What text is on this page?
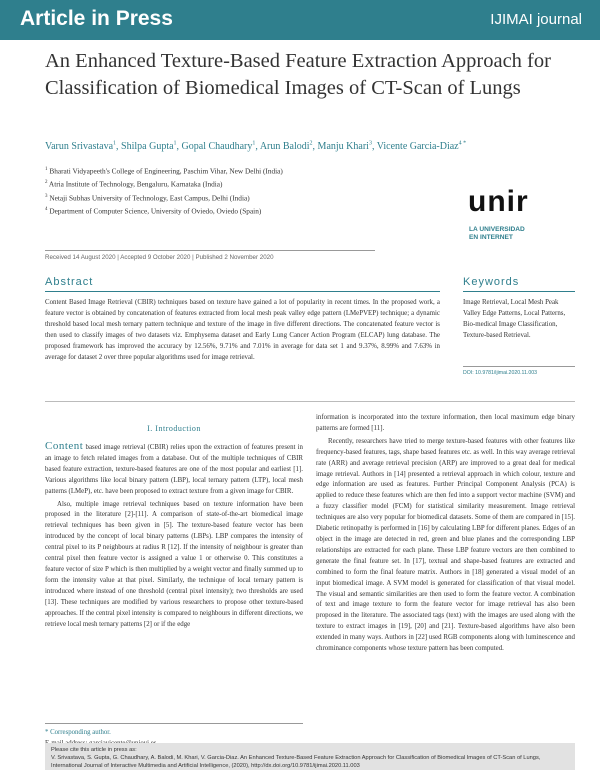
Article in Press	IJIMAI journal
An Enhanced Texture-Based Feature Extraction Approach for Classification of Biomedical Images of CT-Scan of Lungs
Varun Srivastava$^1$, Shilpa Gupta$^1$, Gopal Chaudhary$^1$, Arun Balodi$^2$, Manju Khari$^3$, Vicente Garcia-Diaz$^{4 *}$
$^1$ Bharati Vidyapeeth's College of Engineering, Paschim Vihar, New Delhi (India)
$^2$ Atria Institute of Technology, Bengaluru, Karnataka (India)
$^3$ Netaji Subhas University of Technology, East Campus, Delhi (India)
$^4$ Department of Computer Science, University of Oviedo, Oviedo (Spain)	unir
LA UNIVERSIDAD
EN INTERNET
Received 14 August 2020 | Accepted 9 October 2020 | Published 2 November 2020
Abstract	Keywords
Content Based Image Retrieval (CBIR) techniques based on texture have gained a lot of popularity in recent times. In the proposed work, a feature vector is obtained by concatenation of features extracted from local mesh peak valley edge pattern (LMePVEP) technique; a dynamic threshold based local mesh ternary pattern technique and texture of the image in five different directions. The concatenated feature vector is then used to classify images of two datasets viz. Emphysema dataset and Early Lung Cancer Action Program (ELCAP) lung database. The proposed framework has improved the accuracy by 12.56%, 9.71% and 7.01% in average for data set 1 and 9.37%, 8.99% and 7.63% in average for dataset 2 over three popular algorithms used for image retrieval.
Image Retrieval, Local Mesh Peak Valley Edge Patterns, Local Patterns, Bio-medical Image Classification, Texture-based Retrieval.
DOI: 10.9781/ijimai.2020.11.003
I. Introduction

Content based image retrieval (CBIR) relies upon the extraction of features present in an image to fetch related images from a database. Out of the multiple techniques of CBIR based feature extraction, texture-based features are one of the most popular and earliest [1]. Various algorithms like local binary pattern (LBP), local ternary pattern (LTP), local mesh patterns (LMeP), etc. have been proposed to extract texture from a given image for CBIR.

Also, multiple image retrieval techniques based on texture information have been proposed in the literature [2]-[11]. A comparison of state-of-the-art biomedical image retrieval techniques has been given in [5]. The texture-based feature vector has been introduced by the concept of local binary patterns (LBPs). LBP compares the intensity of central pixel to its P neighbours at radius R [12]. If the intensity of neighbour is greater than central pixel then feature vector is assigned a value 1 or otherwise 0. This constitutes a feature vector of size P which is then multiplied by a weight vector and finally summed up to form the intensity value at that pixel. Similarly, the technique of local ternary pattern is introduced where instead of one threshold (central pixel intensity); two thresholds are used [13]. These techniques are modified by various researchers to propose other texture-based approaches. If the central pixel intensity is compared to neighbours in different directions, we retrieve local mesh ternary patterns [2] or if the edge

information is incorporated into the texture information, then local maximum edge binary patterns are formed [11].

Recently, researchers have tried to merge texture-based features with other features like frequency-based features, tags, shape based features etc. as well. In this way average retrieval rate (ARR) and average retrieval precision (ARP) are improved to a great deal for medical image retrieval. Authors in [14] presented a retrieval approach in which colour, texture and edge information are used as features. Further Principal Component Analysis (PCA) is applied to reduce these features which are then fed into a support vector machine (SVM) and a fuzzy classifier model (FCM) for statistical similarity measurement. Image retrieval techniques are also very popular for biomedical datasets. Some of them are compared in [15]. Diabetic retinopathy is performed in [16] by calculating LBP for different planes. Edges of an object in the image are detected in red, green and blue planes and the corresponding LBP relationships are extracted for each plane. These LBP feature vectors are then combined to generate the final feature set. In [17], textual and shape-based features are extracted and combined to form the final feature matrix. Authors in [18] generated a visual model of an input biomedical image. A SVM model is generated for classification of that visual model. The visual and semantic similarities are then used to form the feature vector. A combination of text and image texture to form the feature vector for image retrieval has also been proposed in the literature. The associated tags (text) with the images are used along with the texture to extract images in [19], [20] and [21]. Texture-based algorithms have also been extended in many ways. Authors in [22] used RGB components along with luminescence and chrominance components whose texture pattern has been computed.

* Corresponding author.
Please cite this article in press as:
V. Srivastava, S. Gupta, G. Chaudhary, A. Balodi, M. Khari, V. Garcia-Diaz. An Enhanced Texture-Based Feature Extraction Approach for Classification of Biomedical Images of CT-Scan of Lungs, International Journal of Interactive Multimedia and Artificial Intelligence, (2020), http://dx.doi.org/10.9781/ijimai.2020.11.003
